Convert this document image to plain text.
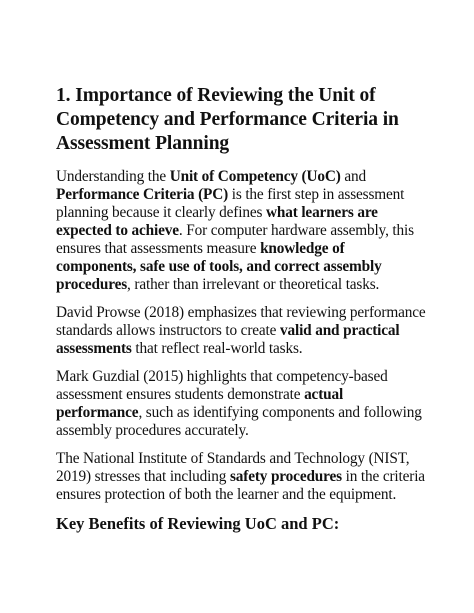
1. Importance of Reviewing the Unit of Competency and Performance Criteria in Assessment Planning

Understanding the Unit of Competency (UoC) and Performance Criteria (PC) is the first step in assessment planning because it clearly defines what learners are expected to achieve. For computer hardware assembly, this ensures that assessments measure knowledge of components, safe use of tools, and correct assembly procedures, rather than irrelevant or theoretical tasks.

David Prowse (2018) emphasizes that reviewing performance standards allows instructors to create valid and practical assessments that reflect real-world tasks.

Mark Guzdial (2015) highlights that competency-based assessment ensures students demonstrate actual performance, such as identifying components and following assembly procedures accurately.

The National Institute of Standards and Technology (NIST, 2019) stresses that including safety procedures in the criteria ensures protection of both the learner and the equipment.

Key Benefits of Reviewing UoC and PC:
